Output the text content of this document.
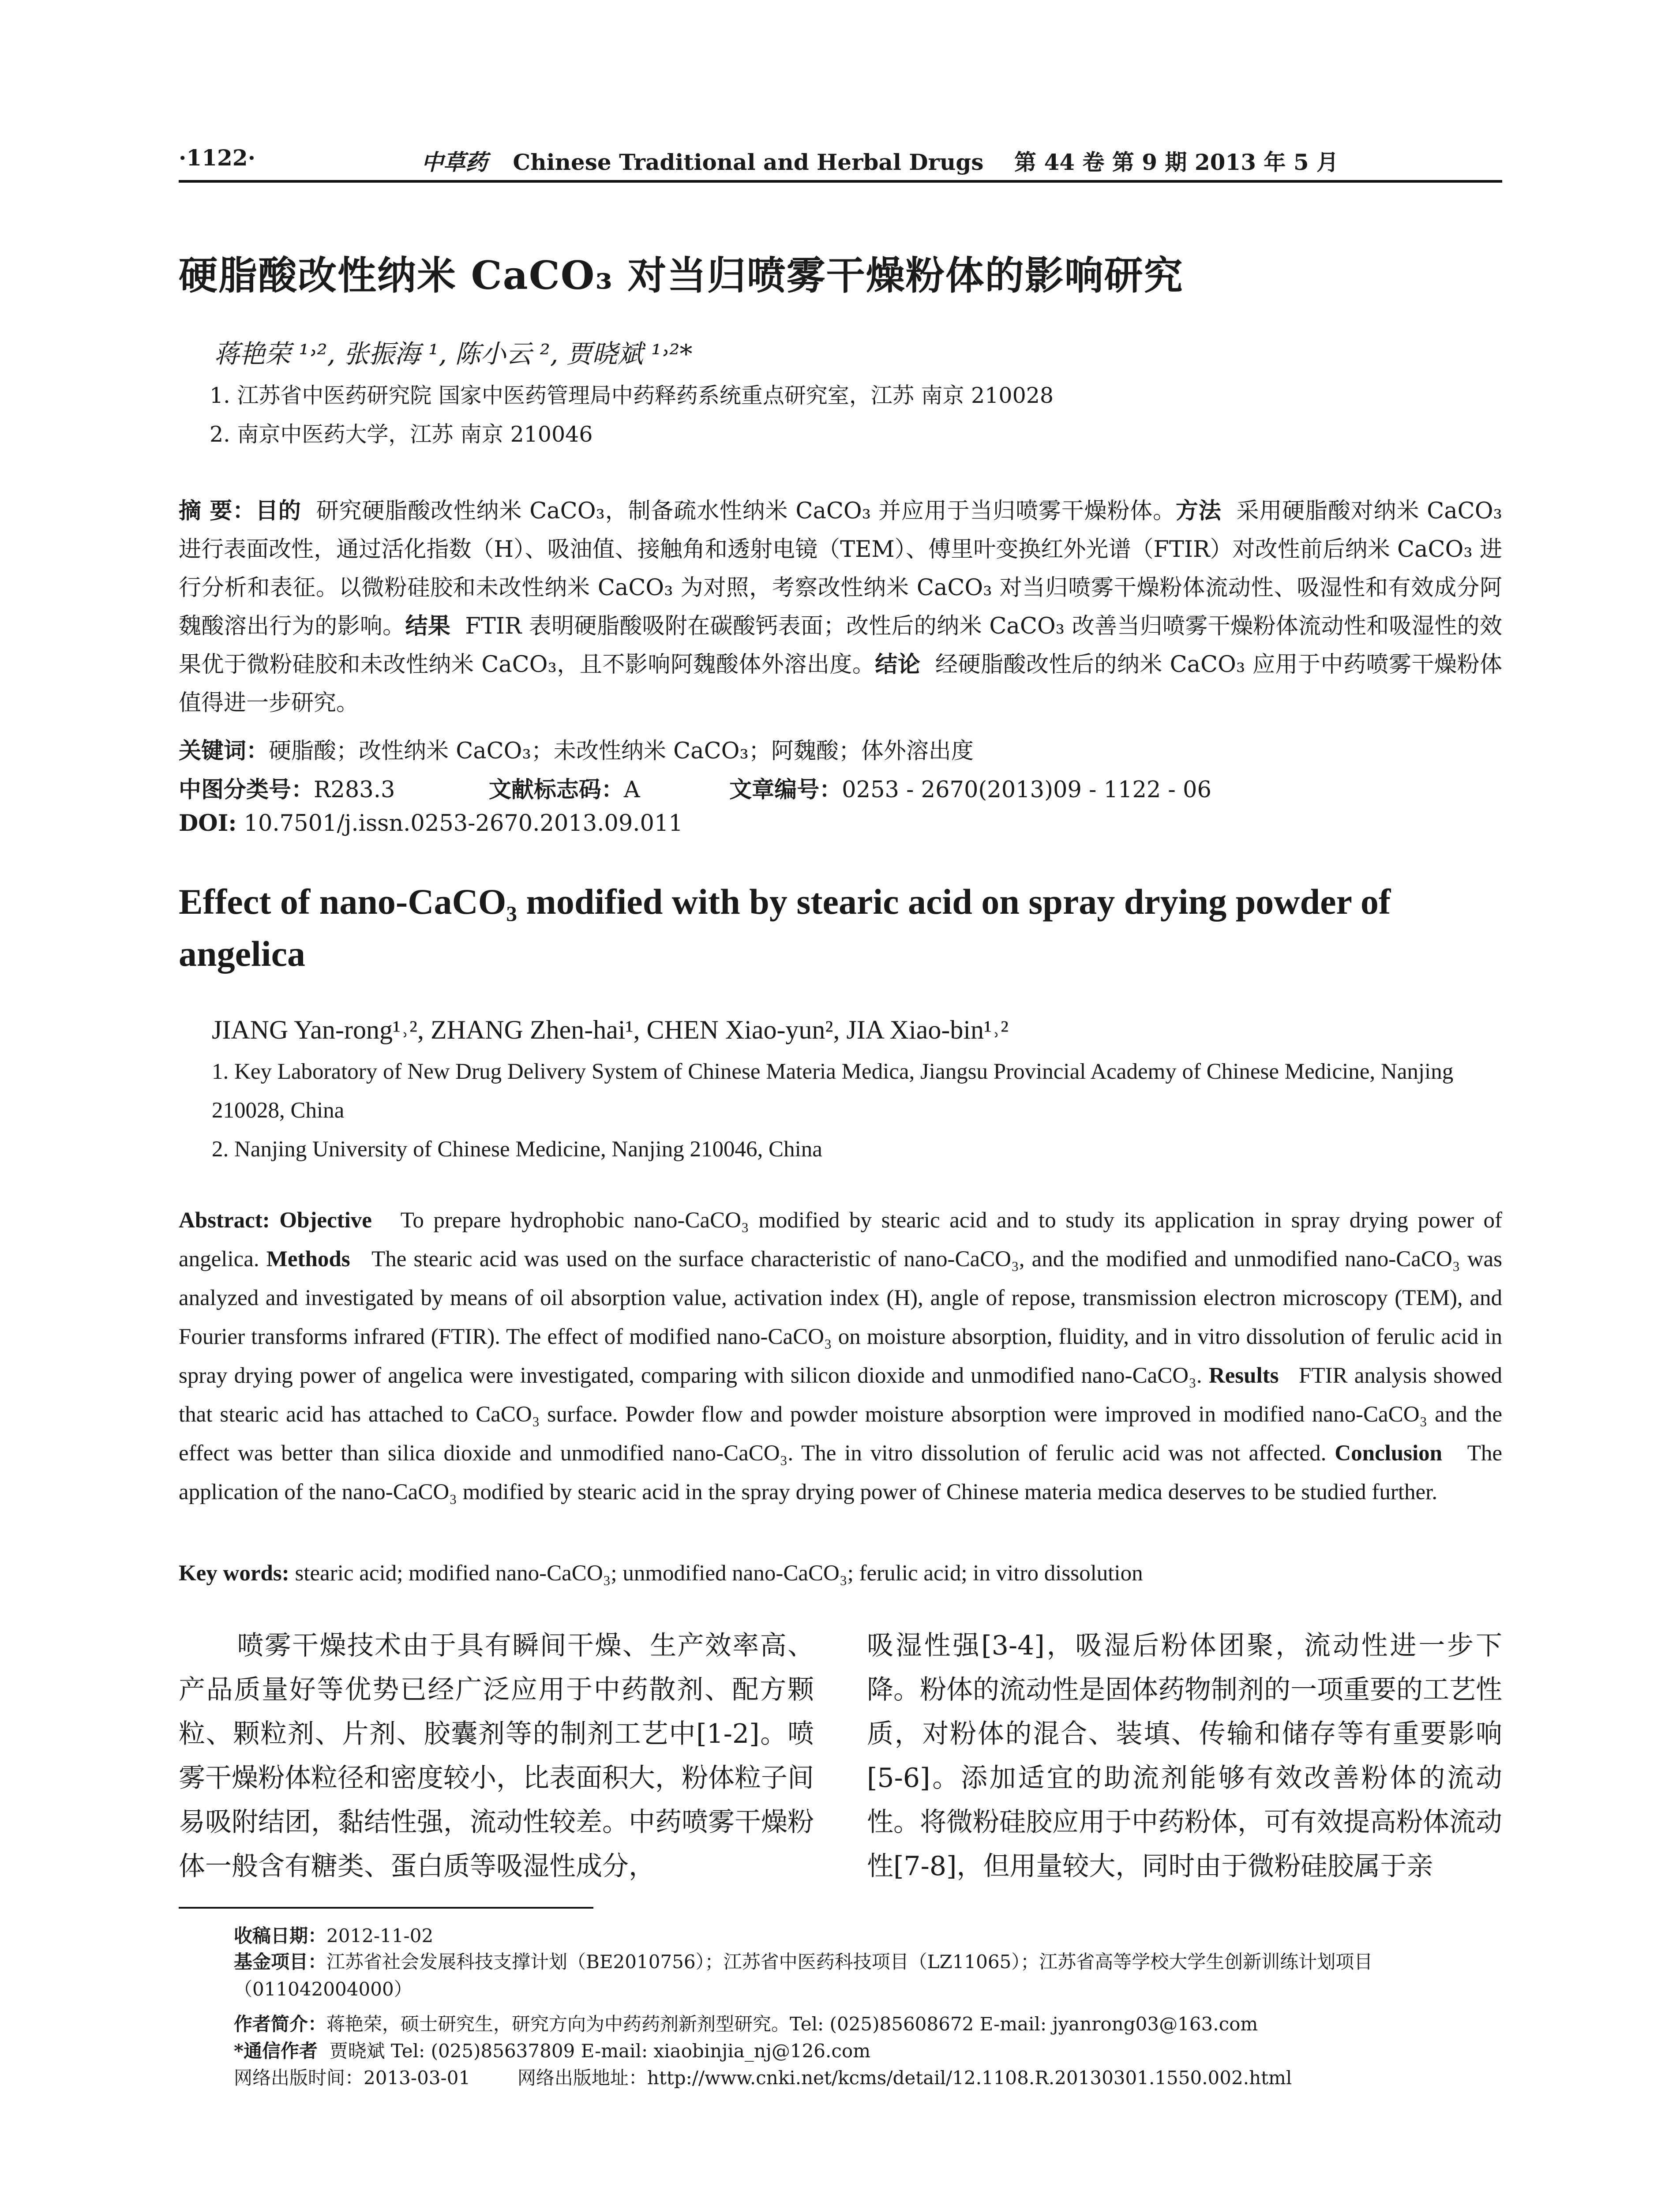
·1122·	中草药 Chinese Traditional and Herbal Drugs 第 44 卷 第 9 期 2013 年 5 月
硬脂酸改性纳米 CaCO₃ 对当归喷雾干燥粉体的影响研究
蒋艳荣 ¹˒², 张振海 ¹, 陈小云 ², 贾晓斌 ¹˒²*
1. 江苏省中医药研究院 国家中医药管理局中药释药系统重点研究室，江苏 南京 210028
2. 南京中医药大学，江苏 南京 210046
摘 要：目的 研究硬脂酸改性纳米 CaCO₃，制备疏水性纳米 CaCO₃ 并应用于当归喷雾干燥粉体。方法 采用硬脂酸对纳米 CaCO₃ 进行表面改性，通过活化指数（H）、吸油值、接触角和透射电镜（TEM）、傅里叶变换红外光谱（FTIR）对改性前后纳米 CaCO₃ 进行分析和表征。以微粉硅胶和未改性纳米 CaCO₃ 为对照，考察改性纳米 CaCO₃ 对当归喷雾干燥粉体流动性、吸湿性和有效成分阿魏酸溶出行为的影响。结果 FTIR 表明硬脂酸吸附在碳酸钙表面；改性后的纳米 CaCO₃ 改善当归喷雾干燥粉体流动性和吸湿性的效果优于微粉硅胶和未改性纳米 CaCO₃，且不影响阿魏酸体外溶出度。结论 经硬脂酸改性后的纳米 CaCO₃ 应用于中药喷雾干燥粉体值得进一步研究。
关键词：硬脂酸；改性纳米 CaCO₃；未改性纳米 CaCO₃；阿魏酸；体外溶出度
中图分类号：R283.3	文献标志码：A	文章编号：0253 - 2670(2013)09 - 1122 - 06
DOI: 10.7501/j.issn.0253-2670.2013.09.011
Effect of nano-CaCO₃ modified with by stearic acid on spray drying powder of angelica
JIANG Yan-rong¹˒², ZHANG Zhen-hai¹, CHEN Xiao-yun², JIA Xiao-bin¹˒²
1. Key Laboratory of New Drug Delivery System of Chinese Materia Medica, Jiangsu Provincial Academy of Chinese Medicine, Nanjing 210028, China
2. Nanjing University of Chinese Medicine, Nanjing 210046, China
Abstract: Objective To prepare hydrophobic nano-CaCO₃ modified by stearic acid and to study its application in spray drying power of angelica. Methods The stearic acid was used on the surface characteristic of nano-CaCO₃, and the modified and unmodified nano-CaCO₃ was analyzed and investigated by means of oil absorption value, activation index (H), angle of repose, transmission electron microscopy (TEM), and Fourier transforms infrared (FTIR). The effect of modified nano-CaCO₃ on moisture absorption, fluidity, and in vitro dissolution of ferulic acid in spray drying power of angelica were investigated, comparing with silicon dioxide and unmodified nano-CaCO₃. Results FTIR analysis showed that stearic acid has attached to CaCO₃ surface. Powder flow and powder moisture absorption were improved in modified nano-CaCO₃ and the effect was better than silica dioxide and unmodified nano-CaCO₃. The in vitro dissolution of ferulic acid was not affected. Conclusion The application of the nano-CaCO₃ modified by stearic acid in the spray drying power of Chinese materia medica deserves to be studied further.
Key words: stearic acid; modified nano-CaCO₃; unmodified nano-CaCO₃; ferulic acid; in vitro dissolution
喷雾干燥技术由于具有瞬间干燥、生产效率高、产品质量好等优势已经广泛应用于中药散剂、配方颗粒、颗粒剂、片剂、胶囊剂等的制剂工艺中[1-2]。喷雾干燥粉体粒径和密度较小，比表面积大，粉体粒子间易吸附结团，黏结性强，流动性较差。中药喷雾干燥粉体一般含有糖类、蛋白质等吸湿性成分，
吸湿性强[3-4]，吸湿后粉体团聚，流动性进一步下降。粉体的流动性是固体药物制剂的一项重要的工艺性质，对粉体的混合、装填、传输和储存等有重要影响[5-6]。添加适宜的助流剂能够有效改善粉体的流动性。将微粉硅胶应用于中药粉体，可有效提高粉体流动性[7-8]，但用量较大，同时由于微粉硅胶属于亲
收稿日期：2012-11-02
基金项目：江苏省社会发展科技支撑计划（BE2010756）；江苏省中医药科技项目（LZ11065）；江苏省高等学校大学生创新训练计划项目（011042004000）
作者简介：蒋艳荣，硕士研究生，研究方向为中药药剂新剂型研究。Tel: (025)85608672 E-mail: jyanrong03@163.com
*通信作者 贾晓斌 Tel: (025)85637809 E-mail: xiaobinjia_nj@126.com
网络出版时间：2013-03-01	网络出版地址：http://www.cnki.net/kcms/detail/12.1108.R.20130301.1550.002.html
